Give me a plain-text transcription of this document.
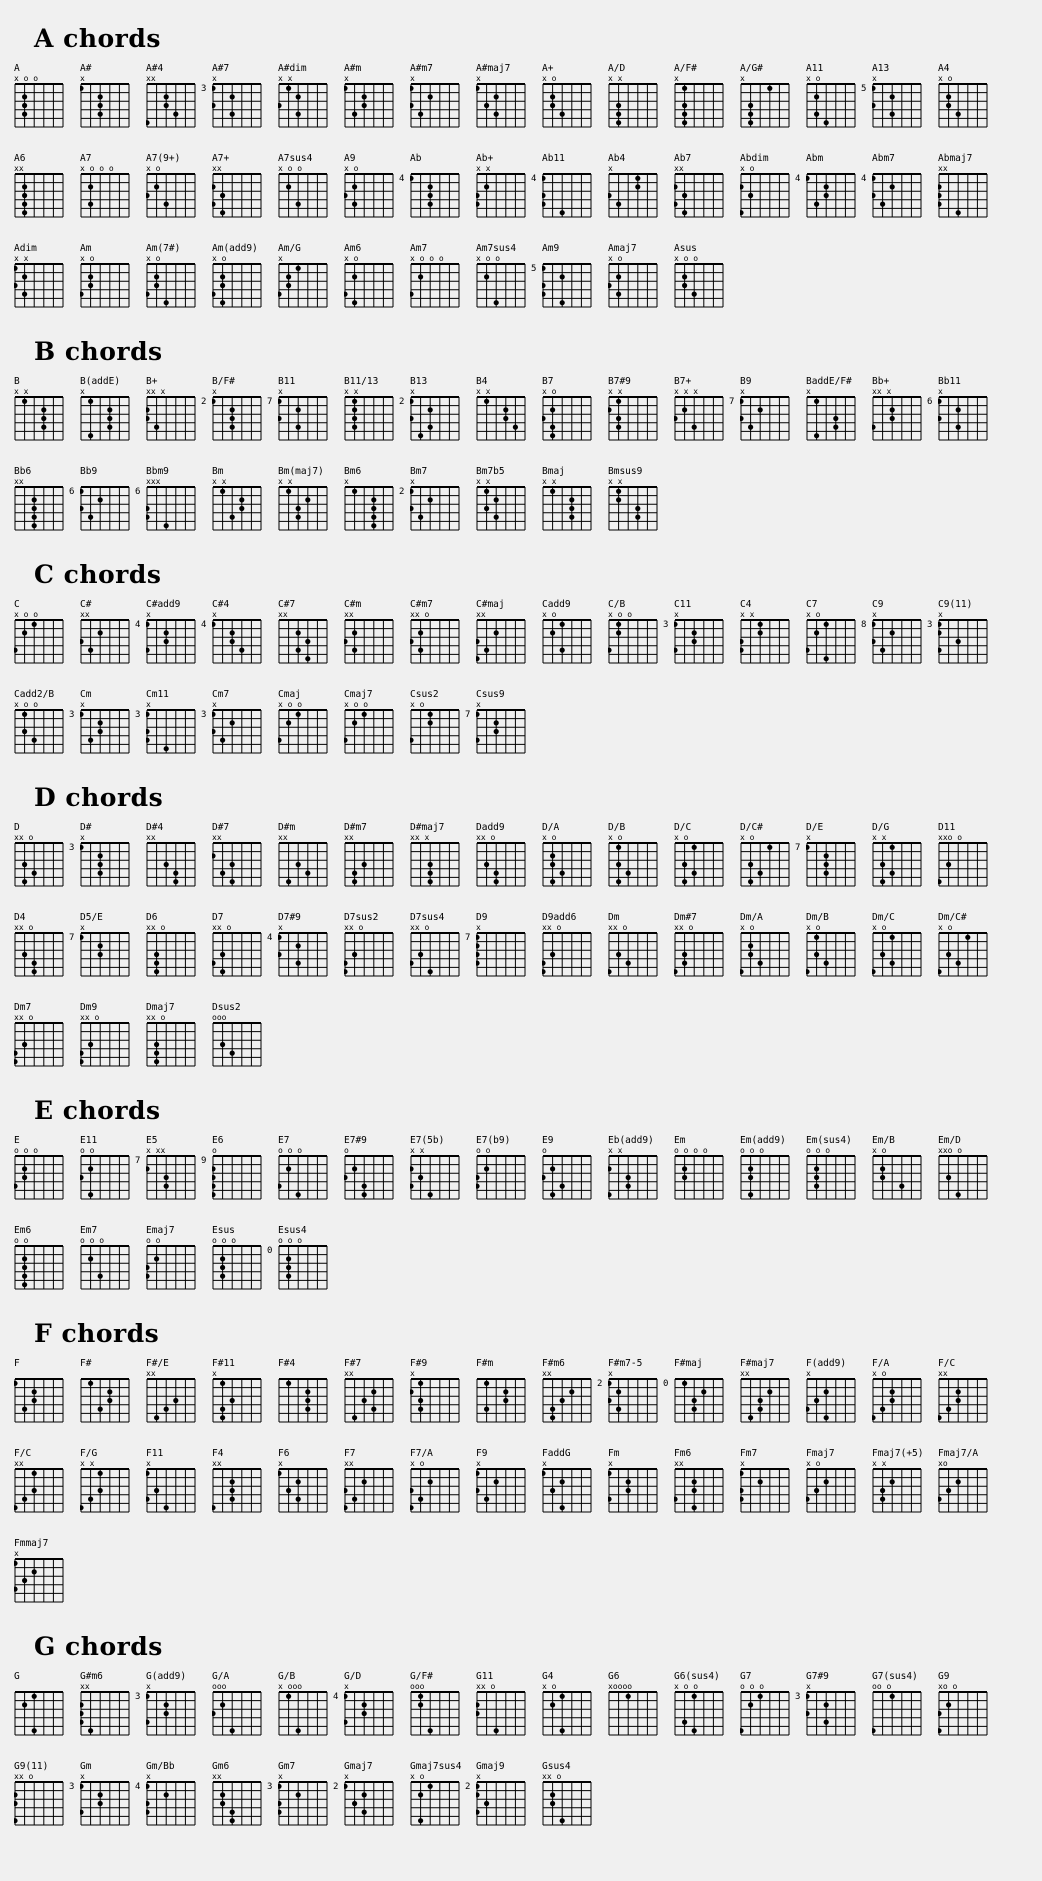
A chords
A
x o o
A#
x
A#4
xx
A#7
x
3
A#dim
x x
A#m
x
A#m7
x
A#maj7
x
A+
x o
A/D
x x
A/F#
x
A/G#
x
A11
x o
A13
x
5
A4
x o
A6
xx
A7
x o o o
A7(9+)
x o
A7+
xx
A7sus4
x o o
A9
x o
Ab
4
Ab+
x x
Ab11
4
Ab4
x
Ab7
xx
Abdim
x o
Abm
4
Abm7
4
Abmaj7
xx
Adim
x x
Am
x o
Am(7#)
x o
Am(add9)
x o
Am/G
x
Am6
x o
Am7
x o o o
Am7sus4
x o o
Am9
5
Amaj7
x o
Asus
x o o
B chords
B
x x
B(addE)
x
B+
xx x
B/F#
x
2
B11
x
7
B11/13
x x
B13
x
2
B4
x x
B7
x o
B7#9
x x
B7+
x x x
B9
x
7
BaddE/F#
x
Bb+
xx x
Bb11
x
6
Bb6
xx
Bb9
6
Bbm9
xxx
6
Bm
x x
Bm(maj7)
x x
Bm6
x
Bm7
x
2
Bm7b5
x x
Bmaj
x x
Bmsus9
x x
C chords
C
x o o
C#
xx
C#add9
x
4
C#4
x
4
C#7
xx
C#m
xx
C#m7
xx o
C#maj
xx
Cadd9
x o
C/B
x o o
C11
x
3
C4
x x
C7
x o
C9
x
8
C9(11)
x
3
Cadd2/B
x o o
Cm
x
3
Cm11
x
3
Cm7
x
3
Cmaj
x o o
Cmaj7
x o o
Csus2
x o
Csus9
x
7
D chords
D
xx o
D#
x
3
D#4
xx
D#7
xx
D#m
xx
D#m7
xx
D#maj7
xx x
Dadd9
xx o
D/A
x o
D/B
x o
D/C
x o
D/C#
x o
D/E
x
7
D/G
x x
D11
xxo o
D4
xx o
D5/E
x
7
D6
xx o
D7
xx o
D7#9
x
4
D7sus2
xx o
D7sus4
xx o
D9
x
7
D9add6
xx o
Dm
xx o
Dm#7
xx o
Dm/A
x o
Dm/B
x o
Dm/C
x o
Dm/C#
x o
Dm7
xx o
Dm9
xx o
Dmaj7
xx o
Dsus2
ooo
E chords
E
o o o
E11
o o
E5
x xx
7
E6
o
9
E7
o o o
E7#9
o
E7(5b)
x x
E7(b9)
o o
E9
o
Eb(add9)
x x
Em
o o o o
Em(add9)
o o o
Em(sus4)
o o o
Em/B
x o
Em/D
xxo o
Em6
o o
Em7
o o o
Emaj7
o o
Esus
o o o
Esus4
o o o
0
F chords
F	F#	F#/E
xx
F#11
x
F#4	F#7
xx
F#9
x
F#m	F#m6
xx
F#m7-5
x
2
F#maj
0
F#maj7
xx
F(add9)
x
F/A
x o
F/C
xx
F/C
xx
F/G
x x
F11
x
F4
xx
F6
x
F7
xx
F7/A
x o
F9
x
FaddG
x
Fm
x
Fm6
xx
Fm7
x
Fmaj7
x o
Fmaj7(+5)
x x
Fmaj7/A
xo
Fmmaj7
x
G chords
G	G#m6
xx
G(add9)
x
3
G/A
ooo
G/B
x ooo
G/D
x
4
G/F#
ooo
G11
xx o
G4
x o
G6
xoooo
G6(sus4)
x o o
G7
o o o
G7#9
x
3
G7(sus4)
oo o
G9
xo o
G9(11)
xx o
Gm
x
3
Gm/Bb
x
4
Gm6
xx
Gm7
x
3
Gmaj7
x
2
Gmaj7sus4
x o
Gmaj9
x
2
Gsus4
xx o
